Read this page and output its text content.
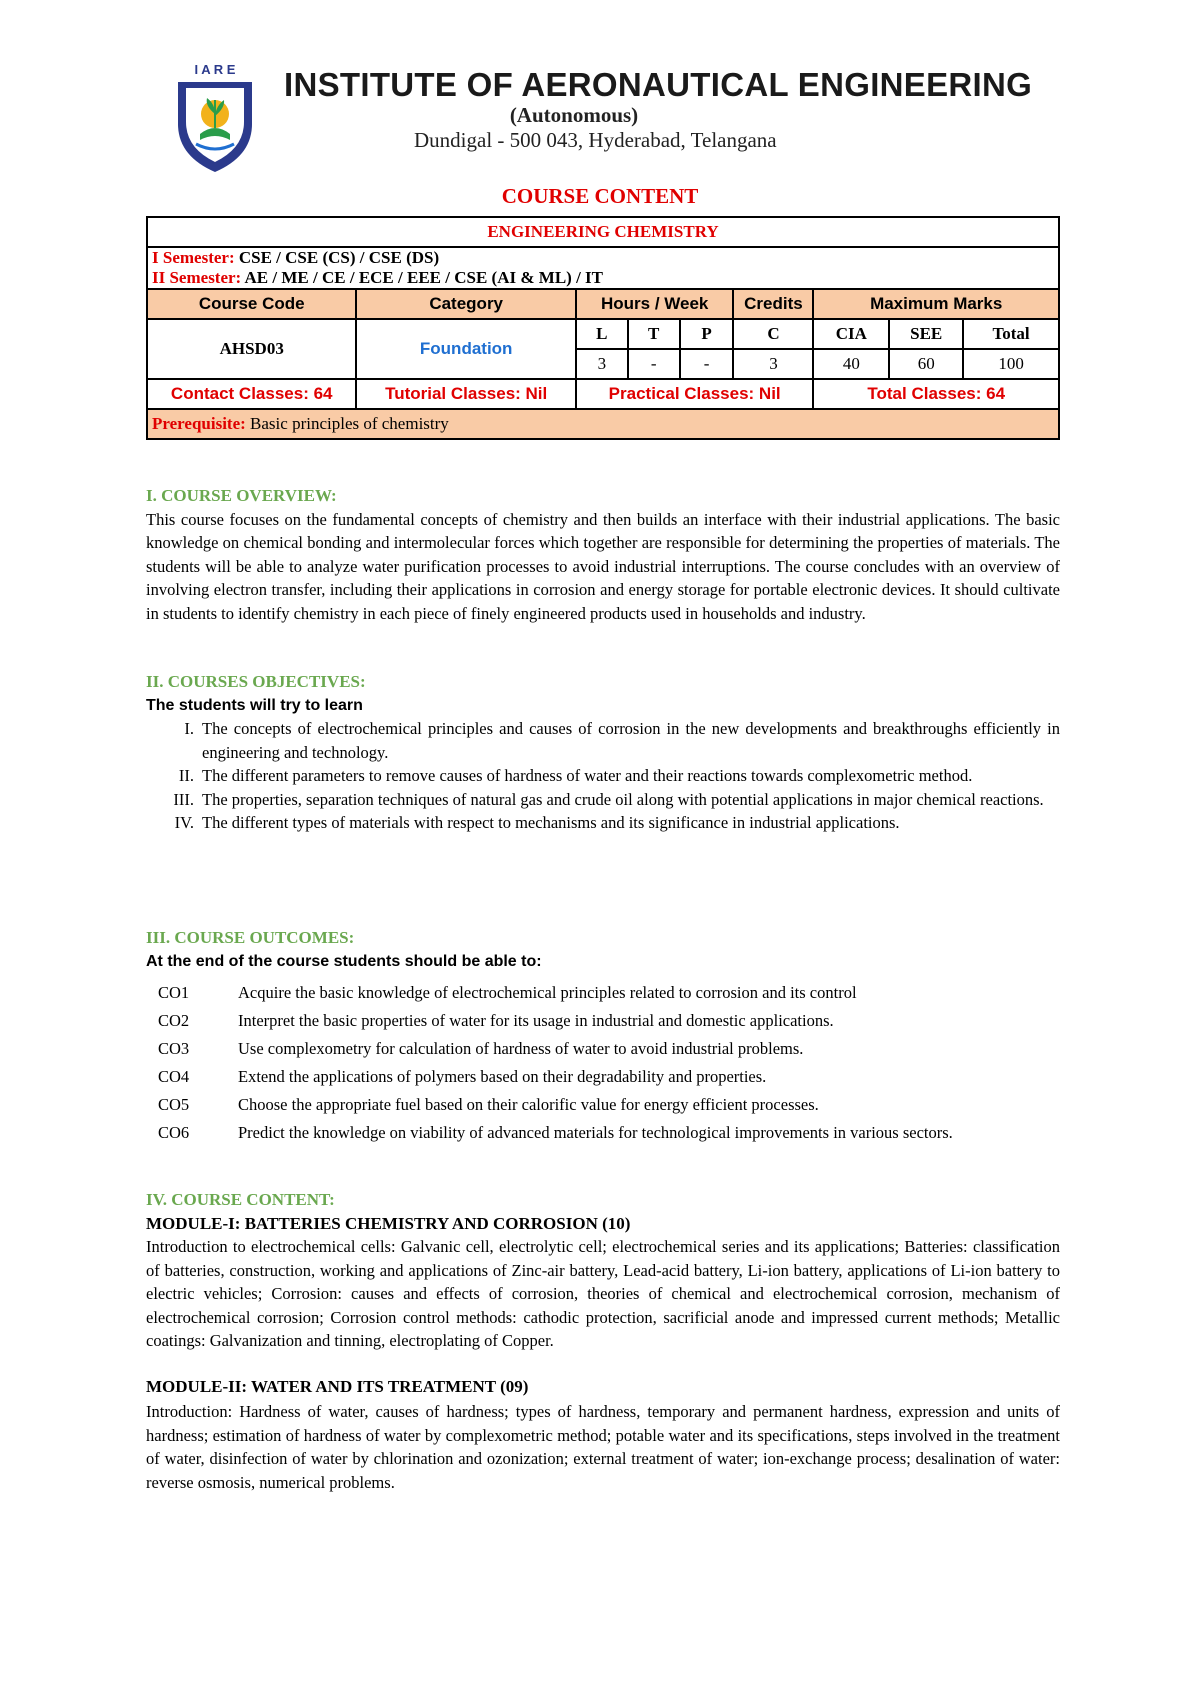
I A R E INSTITUTE OF AERONAUTICAL ENGINEERING
(Autonomous)
Dundigal - 500 043, Hyderabad, Telangana
COURSE CONTENT
ENGINEERING CHEMISTRY								
I Semester: CSE / CSE (CS) / CSE (DS)
II Semester: AE / ME / CE / ECE / EEE / CSE (AI & ML) / IT								
Course Code	Category	Hours / Week			Credits	Maximum Marks		
AHSD03	Foundation	L	T	P	C	CIA	SEE	Total
		3	-	-	3	40	60	100
Contact Classes: 64	Tutorial Classes: Nil	Practical Classes: Nil				Total Classes: 64		
Prerequisite: Basic principles of chemistry								
I. COURSE OVERVIEW:
This course focuses on the fundamental concepts of chemistry and then builds an interface with their industrial applications. The basic knowledge on chemical bonding and intermolecular forces which together are responsible for determining the properties of materials. The students will be able to analyze water purification processes to avoid industrial interruptions. The course concludes with an overview of involving electron transfer, including their applications in corrosion and energy storage for portable electronic devices. It should cultivate in students to identify chemistry in each piece of finely engineered products used in households and industry.
II. COURSES OBJECTIVES:
The students will try to learn
I. The concepts of electrochemical principles and causes of corrosion in the new developments and breakthroughs efficiently in engineering and technology.
II. The different parameters to remove causes of hardness of water and their reactions towards complexometric method.
III. The properties, separation techniques of natural gas and crude oil along with potential applications in major chemical reactions.
IV. The different types of materials with respect to mechanisms and its significance in industrial applications.
III. COURSE OUTCOMES:
At the end of the course students should be able to:
CO1	Acquire the basic knowledge of electrochemical principles related to corrosion and its control
CO2	Interpret the basic properties of water for its usage in industrial and domestic applications.
CO3	Use complexometry for calculation of hardness of water to avoid industrial problems.
CO4	Extend the applications of polymers based on their degradability and properties.
CO5	Choose the appropriate fuel based on their calorific value for energy efficient processes.
CO6	Predict the knowledge on viability of advanced materials for technological improvements in various sectors.
IV. COURSE CONTENT:
MODULE-I: BATTERIES CHEMISTRY AND CORROSION (10)
Introduction to electrochemical cells: Galvanic cell, electrolytic cell; electrochemical series and its applications; Batteries: classification of batteries, construction, working and applications of Zinc-air battery, Lead-acid battery, Li-ion battery, applications of Li-ion battery to electric vehicles; Corrosion: causes and effects of corrosion, theories of chemical and electrochemical corrosion, mechanism of electrochemical corrosion; Corrosion control methods: cathodic protection, sacrificial anode and impressed current methods; Metallic coatings: Galvanization and tinning, electroplating of Copper.
MODULE-II: WATER AND ITS TREATMENT (09)
Introduction: Hardness of water, causes of hardness; types of hardness, temporary and permanent hardness, expression and units of hardness; estimation of hardness of water by complexometric method; potable water and its specifications, steps involved in the treatment of water, disinfection of water by chlorination and ozonization; external treatment of water; ion-exchange process; desalination of water: reverse osmosis, numerical problems.
